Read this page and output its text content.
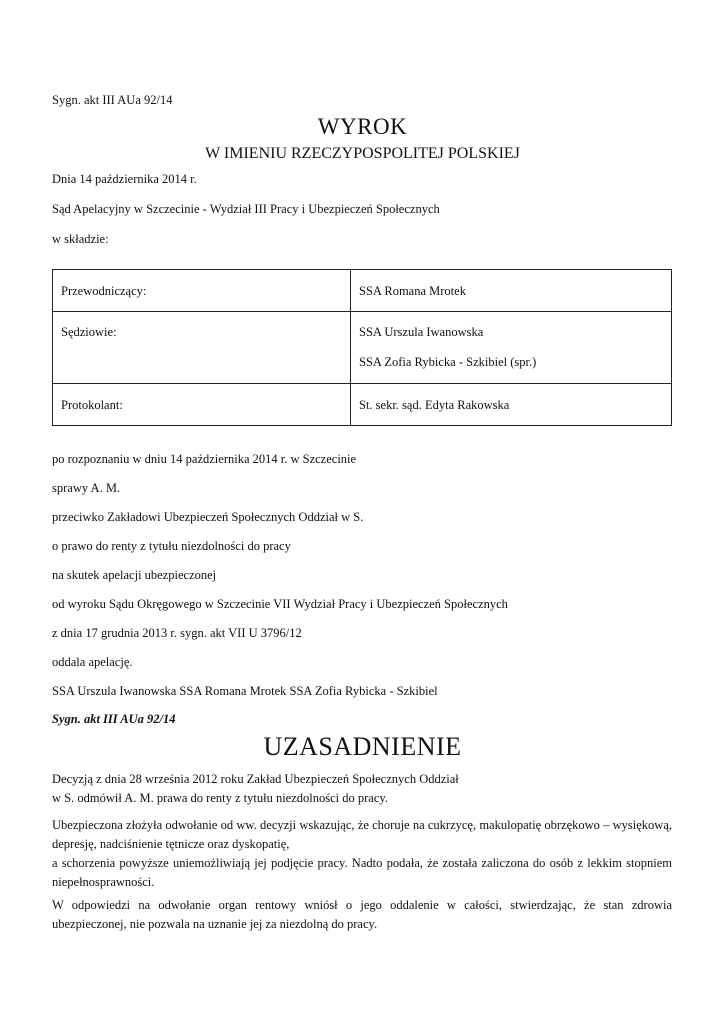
Sygn. akt III AUa 92/14
WYROK
W IMIENIU RZECZYPOSPOLITEJ POLSKIEJ
Dnia 14 października 2014 r.
Sąd Apelacyjny w Szczecinie - Wydział III Pracy i Ubezpieczeń Społecznych
w składzie:
Przewodniczący:	SSA Romana Mrotek
Sędziowie:	SSA Urszula Iwanowska
SSA Zofia Rybicka - Szkibiel (spr.)

Protokolant:	St. sekr. sąd. Edyta Rakowska
po rozpoznaniu w dniu 14 października 2014 r. w Szczecinie
sprawy A. M.
przeciwko Zakładowi Ubezpieczeń Społecznych Oddział w S.
o prawo do renty z tytułu niezdolności do pracy
na skutek apelacji ubezpieczonej
od wyroku Sądu Okręgowego w Szczecinie VII Wydział Pracy i Ubezpieczeń Społecznych
z dnia 17 grudnia 2013 r. sygn. akt VII U 3796/12
oddala apelację.
SSA Urszula Iwanowska SSA Romana Mrotek SSA Zofia Rybicka - Szkibiel
Sygn. akt III AUa 92/14
UZASADNIENIE
Decyzją z dnia 28 września 2012 roku Zakład Ubezpieczeń Społecznych Oddział
w S. odmówił A. M. prawa do renty z tytułu niezdolności do pracy.
Ubezpieczona złożyła odwołanie od ww. decyzji wskazując, że choruje na cukrzycę, makulopatię obrzękowo – wysiękową, depresję, nadciśnienie tętnicze oraz dyskopatię,
a schorzenia powyższe uniemożliwiają jej podjęcie pracy. Nadto podała, że została zaliczona do osób z lekkim stopniem niepełnosprawności.
W odpowiedzi na odwołanie organ rentowy wniósł o jego oddalenie w całości, stwierdzając, że stan zdrowia ubezpieczonej, nie pozwala na uznanie jej za niezdolną do pracy.
